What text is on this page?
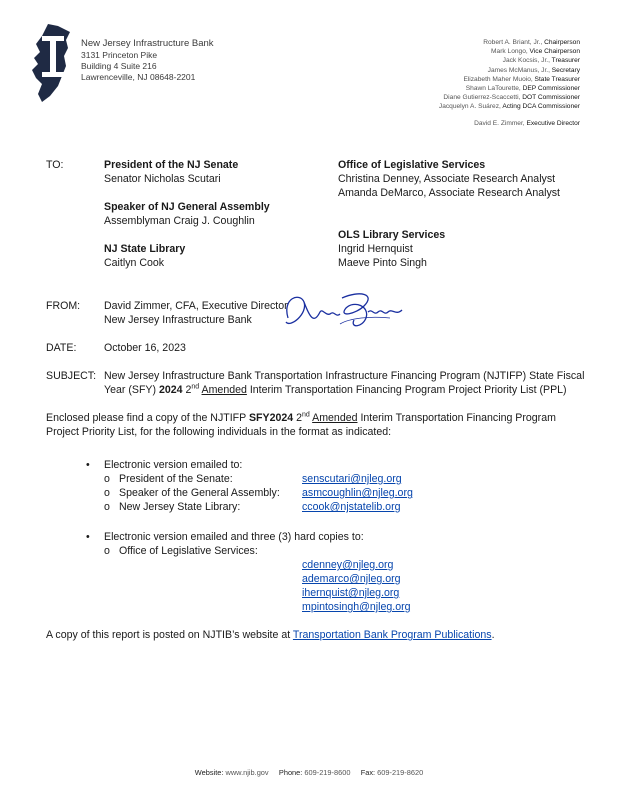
New Jersey Infrastructure Bank
3131 Princeton Pike
Building 4 Suite 216
Lawrenceville, NJ 08648-2201
Robert A. Briant, Jr., Chairperson
Mark Longo, Vice Chairperson
Jack Kocsis, Jr., Treasurer
James McManus, Jr., Secretary
Elizabeth Maher Muoio, State Treasurer
Shawn LaTourette, DEP Commissioner
Diane Gutierrez-Scaccetti, DOT Commissioner
Jacquelyn A. Suárez, Acting DCA Commissioner
David E. Zimmer, Executive Director
TO:	President of the NJ Senate
Senator Nicholas Scutari
Speaker of NJ General Assembly
Assemblyman Craig J. Coughlin
NJ State Library
Caitlyn Cook
Office of Legislative Services
Christina Denney, Associate Research Analyst
Amanda DeMarco, Associate Research Analyst
OLS Library Services
Ingrid Hernquist
Maeve Pinto Singh
FROM: David Zimmer, CFA, Executive Director
New Jersey Infrastructure Bank
DATE:	October 16, 2023
SUBJECT: New Jersey Infrastructure Bank Transportation Infrastructure Financing Program (NJTIFP) State Fiscal
Year (SFY) 2024 2nd Amended Interim Transportation Financing Program Project Priority List (PPL)
Enclosed please find a copy of the NJTIFP SFY2024 2nd Amended Interim Transportation Financing Program
Project Priority List, for the following individuals in the format as indicated:
• Electronic version emailed to:
o President of the Senate:	senscutari@njleg.org
o Speaker of the General Assembly: asmcoughlin@njleg.org
o New Jersey State Library:	ccook@njstatelib.org
• Electronic version emailed and three (3) hard copies to:
o Office of Legislative Services:
cdenney@njleg.org
ademarco@njleg.org
ihernquist@njleg.org
mpintosingh@njleg.org
A copy of this report is posted on NJTIB’s website at Transportation Bank Program Publications.
Website: www.njib.gov Phone: 609-219-8600 Fax: 609-219-8620
